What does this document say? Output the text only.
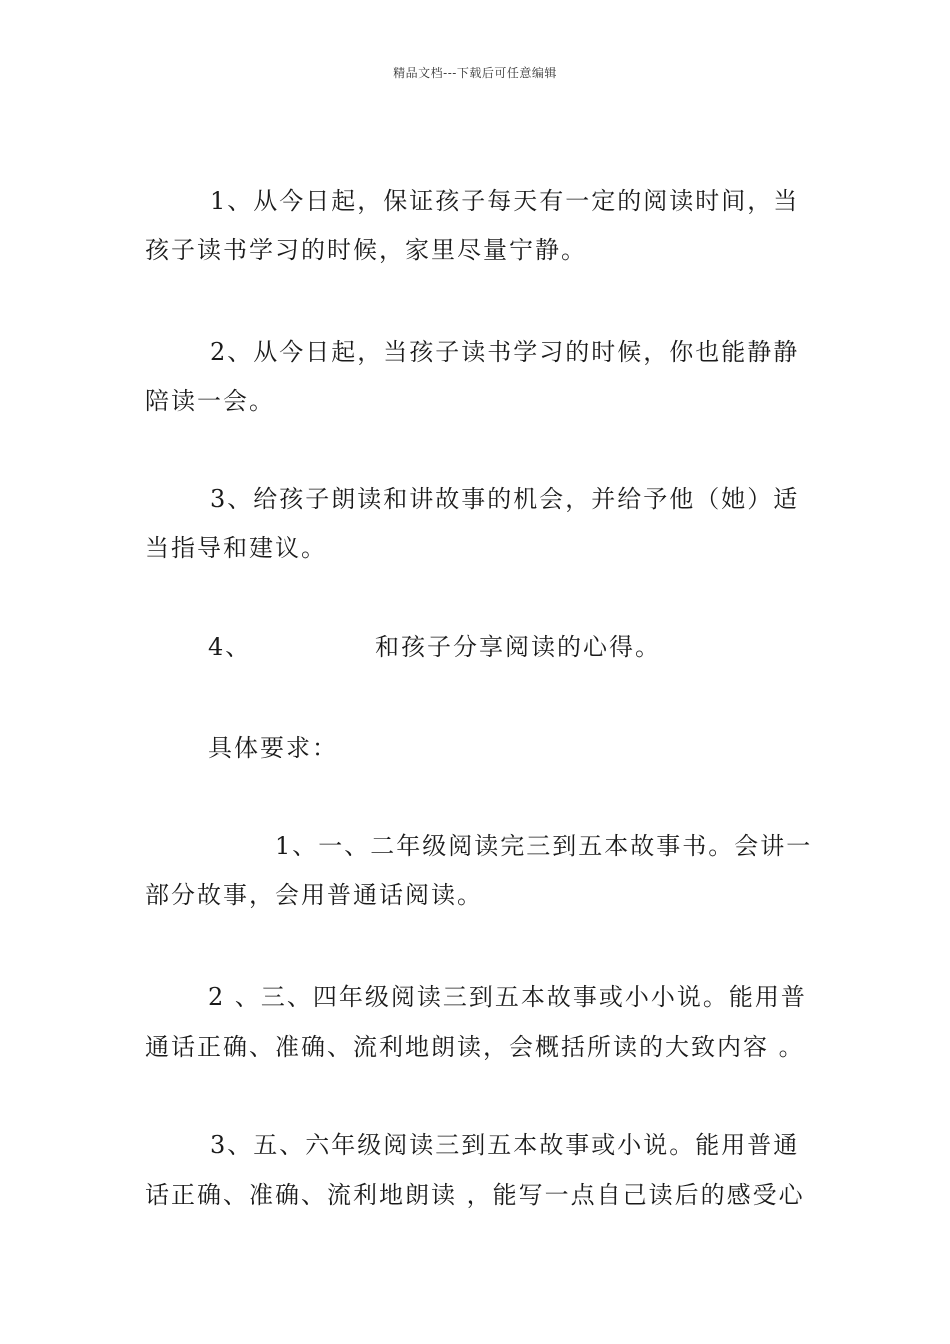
精品文档---下载后可任意编辑
1、从今日起，保证孩子每天有一定的阅读时间，当
孩子读书学习的时候，家里尽量宁静。
2、从今日起，当孩子读书学习的时候，你也能静静
陪读一会。
3、给孩子朗读和讲故事的机会，并给予他（她）适
当指导和建议。
4、	和孩子分享阅读的心得。
具体要求：
1、一、二年级阅读完三到五本故事书。会讲一
部分故事，会用普通话阅读。
2 、三、四年级阅读三到五本故事或小小说。能用普
通话正确、准确、流利地朗读，会概括所读的大致内容 。
3、五、六年级阅读三到五本故事或小说。能用普通
话正确、准确、流利地朗读 ，能写一点自己读后的感受心
